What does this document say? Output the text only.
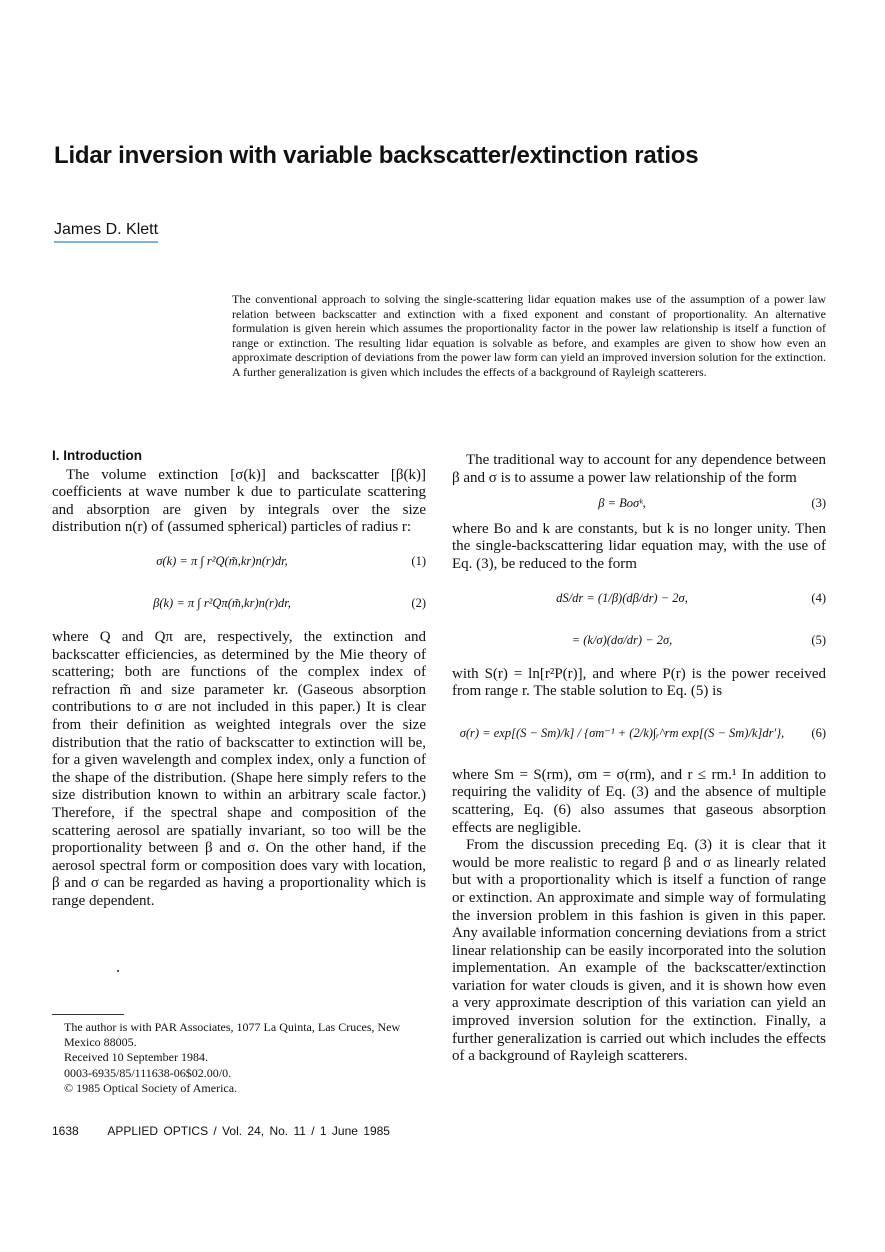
Lidar inversion with variable backscatter/extinction ratios
James D. Klett

The conventional approach to solving the single-scattering lidar equation makes use of the assumption of a power law relation between backscatter and extinction with a fixed exponent and constant of proportionality. An alternative formulation is given herein which assumes the proportionality factor in the power law relationship is itself a function of range or extinction. The resulting lidar equation is solvable as before, and examples are given to show how even an approximate description of deviations from the power law form can yield an improved inversion solution for the extinction. A further generalization is given which includes the effects of a background of Rayleigh scatterers.

I. Introduction

The volume extinction [σ(k)] and backscatter [β(k)] coefficients at wave number k due to particulate scattering and absorption are given by integrals over the size distribution n(r) of (assumed spherical) particles of radius r:

σ(k) = π ∫ r²Q(m̃,kr)n(r)dr,	(1)
β(k) = π ∫ r²Qπ(m̃,kr)n(r)dr,	(2)

where Q and Qπ are, respectively, the extinction and backscatter efficiencies, as determined by the Mie theory of scattering; both are functions of the complex index of refraction m̃ and size parameter kr. (Gaseous absorption contributions to σ are not included in this paper.) It is clear from their definition as weighted integrals over the size distribution that the ratio of backscatter to extinction will be, for a given wavelength and complex index, only a function of the shape of the distribution. (Shape here simply refers to the size distribution known to within an arbitrary scale factor.) Therefore, if the spectral shape and composition of the scattering aerosol are spatially invariant, so too will be the proportionality between β and σ. On the other hand, if the aerosol spectral form or composition does vary with location, β and σ can be regarded as having a proportionality which is range dependent.

The author is with PAR Associates, 1077 La Quinta, Las Cruces, New Mexico 88005.
Received 10 September 1984.
0003-6935/85/111638-06$02.00/0.
© 1985 Optical Society of America.

The traditional way to account for any dependence between β and σ is to assume a power law relationship of the form

β = Boσᵏ,	(3)

where Bo and k are constants, but k is no longer unity. Then the single-backscattering lidar equation may, with the use of Eq. (3), be reduced to the form

dS/dr = (1/β)(dβ/dr) − 2σ,	(4)
= (k/σ)(dσ/dr) − 2σ,	(5)

with S(r) = ln[r²P(r)], and where P(r) is the power received from range r. The stable solution to Eq. (5) is

σ(r) = exp[(S − Sm)/k] / {σm⁻¹ + (2/k)∫ᵣ^rm exp[(S − Sm)/k]dr′},	(6)

where Sm = S(rm), σm = σ(rm), and r ≤ rm.¹ In addition to requiring the validity of Eq. (3) and the absence of multiple scattering, Eq. (6) also assumes that gaseous absorption effects are negligible.

From the discussion preceding Eq. (3) it is clear that it would be more realistic to regard β and σ as linearly related but with a proportionality which is itself a function of range or extinction. An approximate and simple way of formulating the inversion problem in this fashion is given in this paper. Any available information concerning deviations from a strict linear relationship can be easily incorporated into the solution implementation. An example of the backscatter/extinction variation for water clouds is given, and it is shown how even a very approximate description of this variation can yield an improved inversion solution for the extinction. Finally, a further generalization is carried out which includes the effects of a background of Rayleigh scatterers.

1638 APPLIED OPTICS / Vol. 24, No. 11 / 1 June 1985
